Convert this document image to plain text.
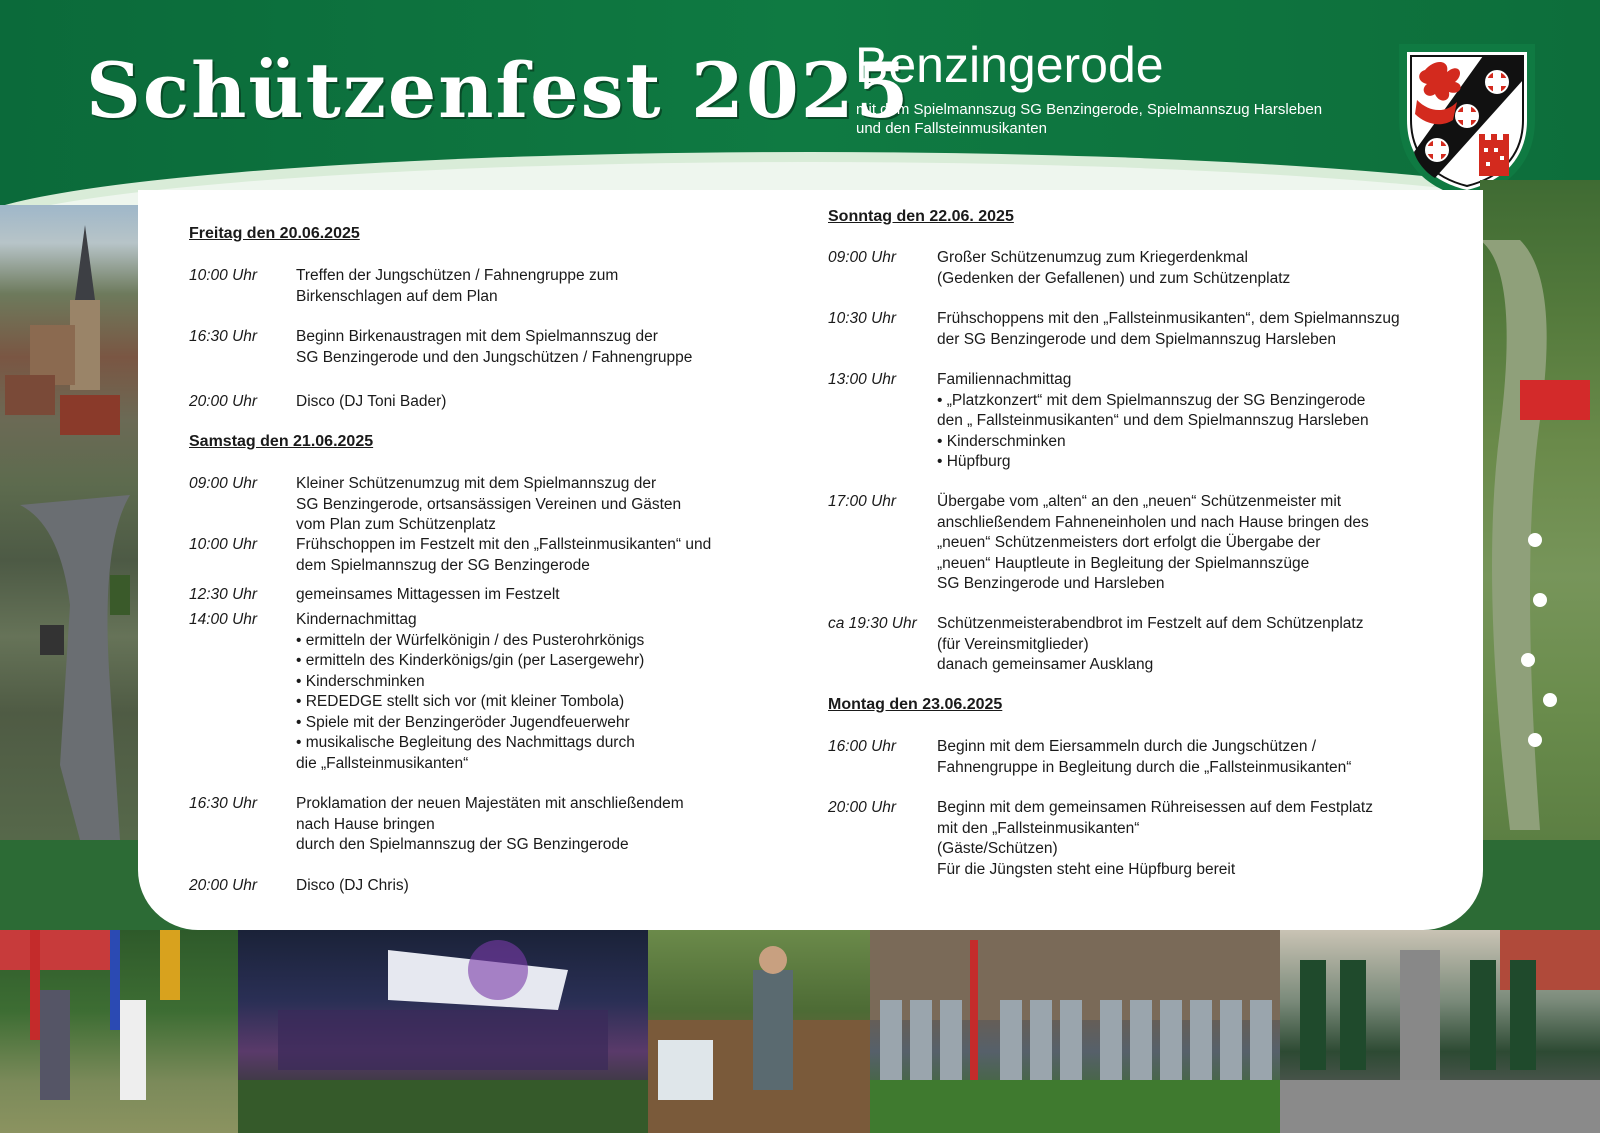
Schützenfest 2025
Benzingerode
mit dem Spielmannszug SG Benzingerode, Spielmannszug Harsleben
und den Fallsteinmusikanten
Freitag den 20.06.2025
10:00 Uhr	Treffen der Jungschützen / Fahnengruppe zum
Birkenschlagen auf dem Plan
16:30 Uhr	Beginn Birkenaustragen mit dem Spielmannszug der
SG Benzingerode und den Jungschützen / Fahnengruppe
20:00 Uhr	Disco (DJ Toni Bader)
Samstag den 21.06.2025
09:00 Uhr	Kleiner Schützenumzug mit dem Spielmannszug der
SG Benzingerode, ortsansässigen Vereinen und Gästen
vom Plan zum Schützenplatz
10:00 Uhr	Frühschoppen im Festzelt mit den „Fallsteinmusikanten“ und
dem Spielmannszug der SG Benzingerode
12:30 Uhr	gemeinsames Mittagessen im Festzelt
14:00 Uhr	Kindernachmittag
• ermitteln der Würfelkönigin / des Pusterohrkönigs
• ermitteln des Kinderkönigs/gin (per Lasergewehr)
• Kinderschminken
• REDEDGE stellt sich vor (mit kleiner Tombola)
• Spiele mit der Benzingeröder Jugendfeuerwehr
• musikalische Begleitung des Nachmittags durch
die „Fallsteinmusikanten“
16:30 Uhr	Proklamation der neuen Majestäten mit anschließendem
nach Hause bringen
durch den Spielmannszug der SG Benzingerode
20:00 Uhr	Disco (DJ Chris)
Sonntag den 22.06. 2025
09:00 Uhr	Großer Schützenumzug zum Kriegerdenkmal
(Gedenken der Gefallenen) und zum Schützenplatz
10:30 Uhr	Frühschoppens mit den „Fallsteinmusikanten“, dem Spielmannszug
der SG Benzingerode und dem Spielmannszug Harsleben
13:00 Uhr	Familiennachmittag
• „Platzkonzert“ mit dem Spielmannszug der SG Benzingerode
den „ Fallsteinmusikanten“ und dem Spielmannszug Harsleben
• Kinderschminken
• Hüpfburg
17:00 Uhr	Übergabe vom „alten“ an den „neuen“ Schützenmeister mit
anschließendem Fahneneinholen und nach Hause bringen des
„neuen“ Schützenmeisters dort erfolgt die Übergabe der
„neuen“ Hauptleute in Begleitung der Spielmannszüge
SG Benzingerode und Harsleben
ca 19:30 Uhr Schützenmeisterabendbrot im Festzelt auf dem Schützenplatz
(für Vereinsmitglieder)
danach gemeinsamer Ausklang
Montag den 23.06.2025
16:00 Uhr	Beginn mit dem Eiersammeln durch die Jungschützen /
Fahnengruppe in Begleitung durch die „Fallsteinmusikanten“
20:00 Uhr	Beginn mit dem gemeinsamen Rühreisessen auf dem Festplatz
mit den „Fallsteinmusikanten“
(Gäste/Schützen)
Für die Jüngsten steht eine Hüpfburg bereit
